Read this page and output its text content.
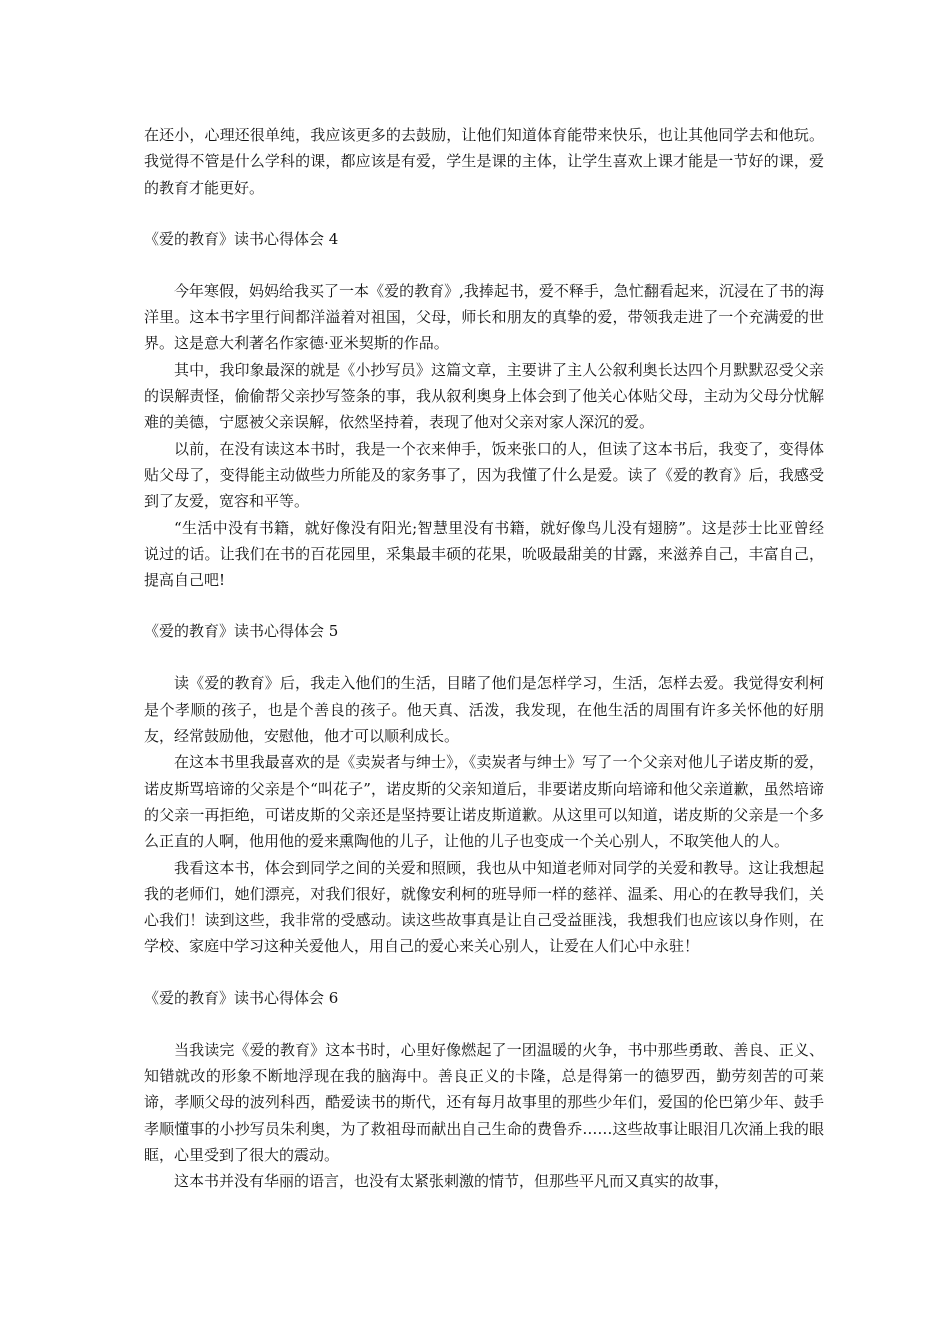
在还小，心理还很单纯，我应该更多的去鼓励，让他们知道体育能带来快乐，也让其他同学去和他玩。我觉得不管是什么学科的课，都应该是有爱，学生是课的主体，让学生喜欢上课才能是一节好的课，爱的教育才能更好。

《爱的教育》读书心得体会 4

今年寒假，妈妈给我买了一本《爱的教育》,我捧起书，爱不释手，急忙翻看起来，沉浸在了书的海洋里。这本书字里行间都洋溢着对祖国，父母，师长和朋友的真挚的爱，带领我走进了一个充满爱的世界。这是意大利著名作家德·亚米契斯的作品。

其中，我印象最深的就是《小抄写员》这篇文章，主要讲了主人公叙利奥长达四个月默默忍受父亲的误解责怪，偷偷帮父亲抄写签条的事，我从叙利奥身上体会到了他关心体贴父母，主动为父母分忧解难的美德，宁愿被父亲误解，依然坚持着，表现了他对父亲对家人深沉的爱。

以前，在没有读这本书时，我是一个衣来伸手，饭来张口的人，但读了这本书后，我变了，变得体贴父母了，变得能主动做些力所能及的家务事了，因为我懂了什么是爱。读了《爱的教育》后，我感受到了友爱，宽容和平等。

“生活中没有书籍，就好像没有阳光;智慧里没有书籍，就好像鸟儿没有翅膀”。这是莎士比亚曾经说过的话。让我们在书的百花园里，采集最丰硕的花果，吮吸最甜美的甘露，来滋养自己，丰富自己，提高自己吧!

《爱的教育》读书心得体会 5

读《爱的教育》后，我走入他们的生活，目睹了他们是怎样学习，生活，怎样去爱。我觉得安利柯是个孝顺的孩子，也是个善良的孩子。他天真、活泼，我发现，在他生活的周围有许多关怀他的好朋友，经常鼓励他，安慰他，他才可以顺利成长。

在这本书里我最喜欢的是《卖炭者与绅士》，《卖炭者与绅士》写了一个父亲对他儿子诺皮斯的爱，诺皮斯骂培谛的父亲是个“叫花子”，诺皮斯的父亲知道后，非要诺皮斯向培谛和他父亲道歉，虽然培谛的父亲一再拒绝，可诺皮斯的父亲还是坚持要让诺皮斯道歉。从这里可以知道，诺皮斯的父亲是一个多么正直的人啊，他用他的爱来熏陶他的儿子，让他的儿子也变成一个关心别人，不取笑他人的人。

我看这本书，体会到同学之间的关爱和照顾，我也从中知道老师对同学的关爱和教导。这让我想起我的老师们，她们漂亮，对我们很好，就像安利柯的班导师一样的慈祥、温柔、用心的在教导我们，关心我们！读到这些，我非常的受感动。读这些故事真是让自己受益匪浅，我想我们也应该以身作则，在学校、家庭中学习这种关爱他人，用自己的爱心来关心别人，让爱在人们心中永驻！

《爱的教育》读书心得体会 6

当我读完《爱的教育》这本书时，心里好像燃起了一团温暖的火争，书中那些勇敢、善良、正义、知错就改的形象不断地浮现在我的脑海中。善良正义的卡隆，总是得第一的德罗西，勤劳刻苦的可莱谛，孝顺父母的波列科西，酷爱读书的斯代，还有每月故事里的那些少年们，爱国的伦巴第少年、鼓手孝顺懂事的小抄写员朱利奥，为了救祖母而献出自己生命的费鲁乔……这些故事让眼泪几次涌上我的眼眶，心里受到了很大的震动。

这本书并没有华丽的语言，也没有太紧张刺激的情节，但那些平凡而又真实的故事，
